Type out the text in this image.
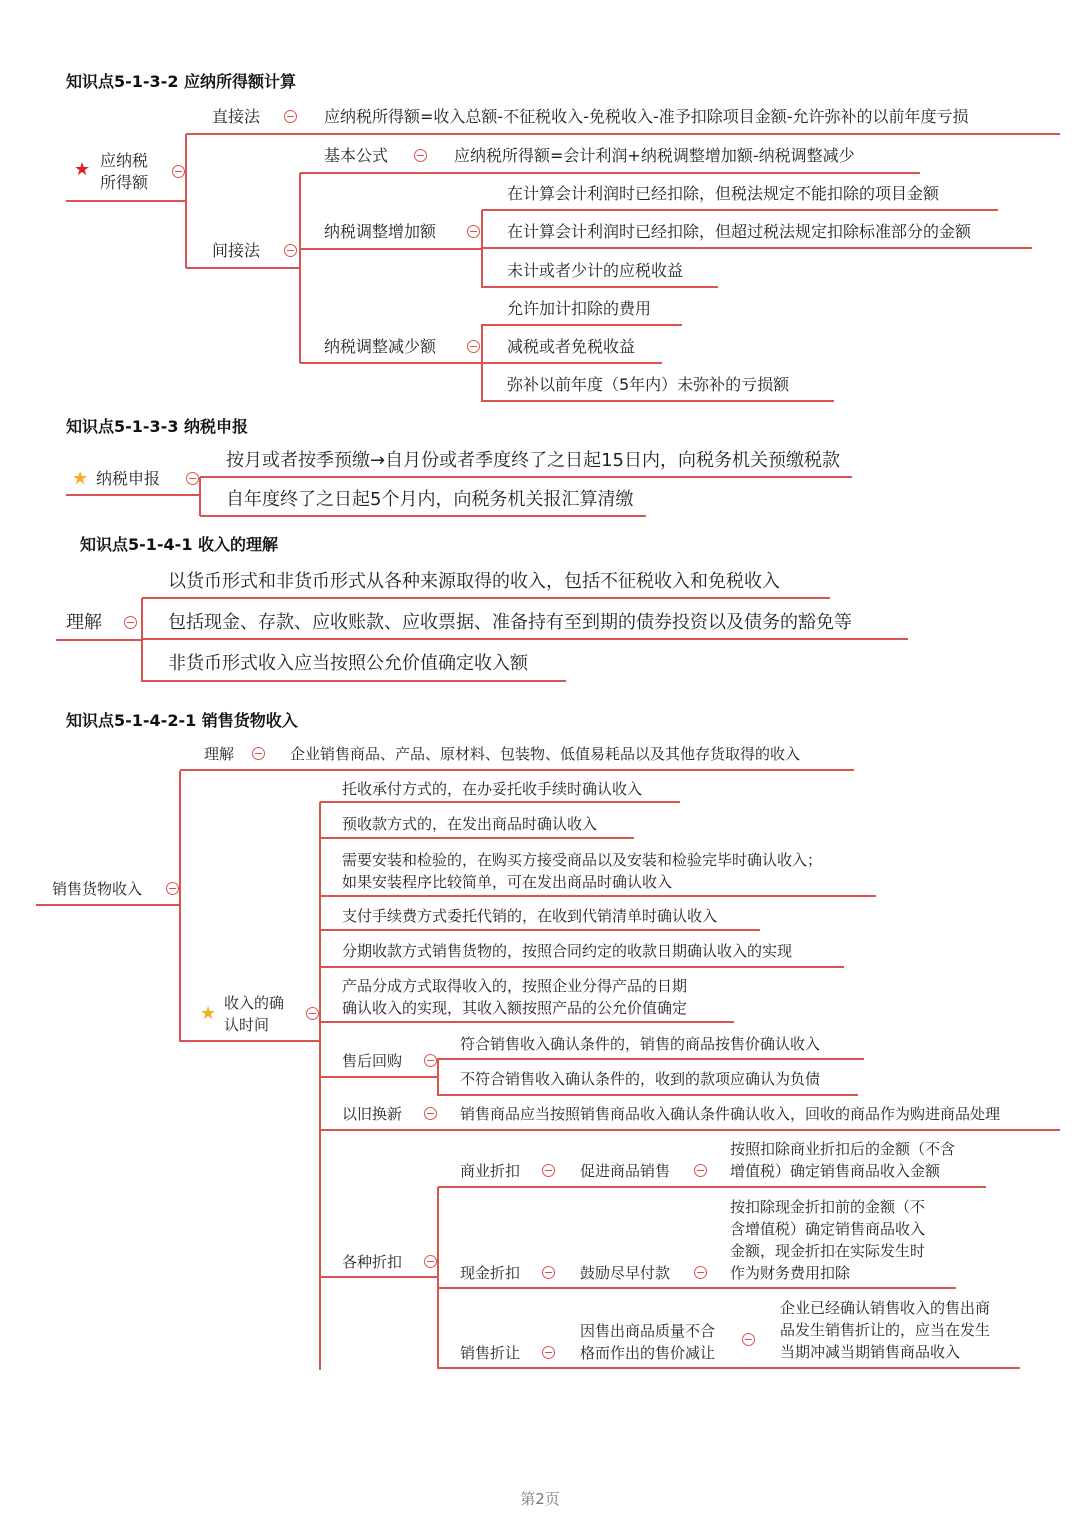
知识点5-1-3-2 应纳所得额计算
★ 应纳税
所得额
直接法	应纳税所得额=收入总额-不征税收入-免税收入-准予扣除项目金额-允许弥补的以前年度亏损
间接法
基本公式	应纳税所得额=会计利润+纳税调整增加额-纳税调整减少
纳税调整增加额
在计算会计利润时已经扣除，但税法规定不能扣除的项目金额
在计算会计利润时已经扣除，但超过税法规定扣除标准部分的金额
未计或者少计的应税收益
纳税调整减少额
允许加计扣除的费用
减税或者免税收益
弥补以前年度（5年内）未弥补的亏损额
知识点5-1-3-3 纳税申报
★ 纳税申报
按月或者按季预缴→自月份或者季度终了之日起15日内，向税务机关预缴税款
自年度终了之日起5个月内，向税务机关报汇算清缴
知识点5-1-4-1 收入的理解
理解
以货币形式和非货币形式从各种来源取得的收入，包括不征税收入和免税收入
包括现金、存款、应收账款、应收票据、准备持有至到期的债券投资以及债务的豁免等
非货币形式收入应当按照公允价值确定收入额
知识点5-1-4-2-1 销售货物收入
销售货物收入
理解	企业销售商品、产品、原材料、包装物、低值易耗品以及其他存货取得的收入
★ 收入的确
认时间
托收承付方式的，在办妥托收手续时确认收入
预收款方式的，在发出商品时确认收入
需要安装和检验的，在购买方接受商品以及安装和检验完毕时确认收入；
如果安装程序比较简单，可在发出商品时确认收入
支付手续费方式委托代销的，在收到代销清单时确认收入
分期收款方式销售货物的，按照合同约定的收款日期确认收入的实现
产品分成方式取得收入的，按照企业分得产品的日期
确认收入的实现，其收入额按照产品的公允价值确定
售后回购
符合销售收入确认条件的，销售的商品按售价确认收入
不符合销售收入确认条件的，收到的款项应确认为负债
以旧换新	销售商品应当按照销售商品收入确认条件确认收入，回收的商品作为购进商品处理
各种折扣
商业折扣	促进商品销售
按照扣除商业折扣后的金额（不含
增值税）确定销售商品收入金额
现金折扣	鼓励尽早付款
按扣除现金折扣前的金额（不
含增值税）确定销售商品收入
金额，现金折扣在实际发生时
作为财务费用扣除
销售折让
因售出商品质量不合
格而作出的售价减让
企业已经确认销售收入的售出商
品发生销售折让的，应当在发生
当期冲减当期销售商品收入
第2页
